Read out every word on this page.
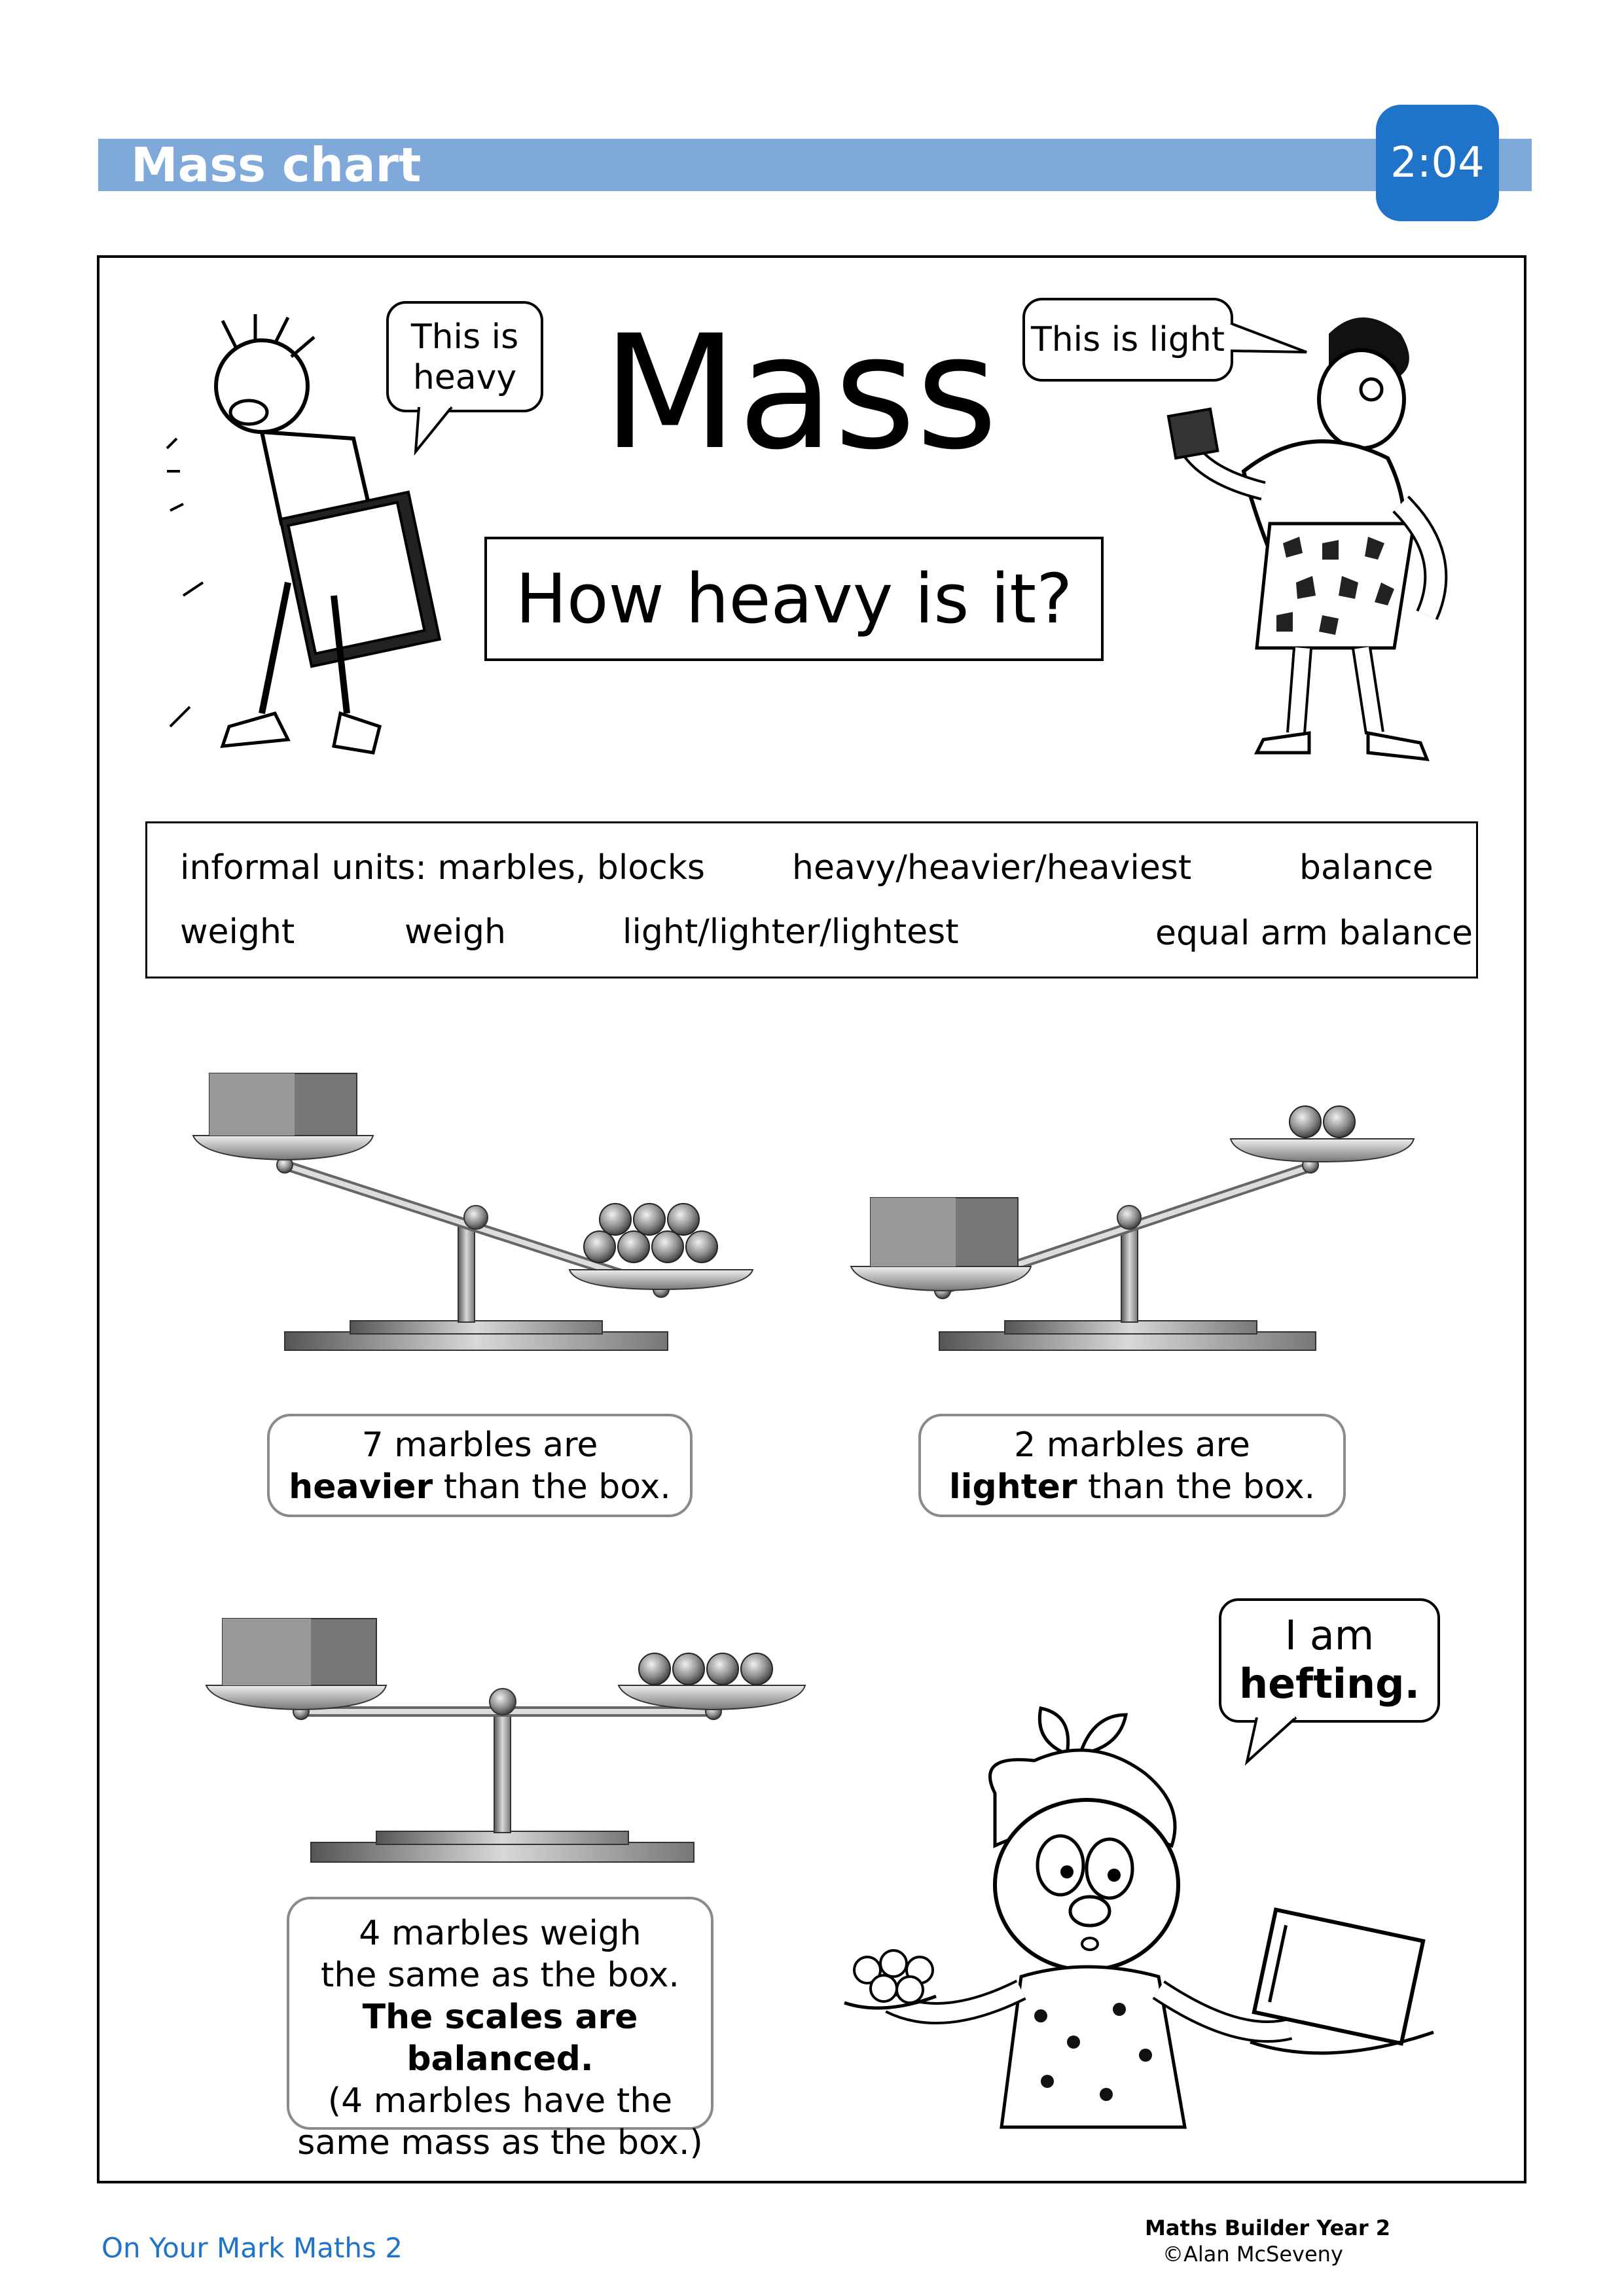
Mass chart	2:04
This is
heavy Mass
How heavy is it?
This is light
informal units: marbles, blocks	heavy/heavier/heaviest	balance
weight	weigh	light/lighter/lightest	equal arm balance
7 marbles are
heavier than the box.
2 marbles are
lighter than the box.
4 marbles weigh
the same as the box.
The scales are balanced.
(4 marbles have the
same mass as the box.)
I am
hefting.
On Your Mark Maths 2
Maths Builder Year 2
©Alan McSeveny
